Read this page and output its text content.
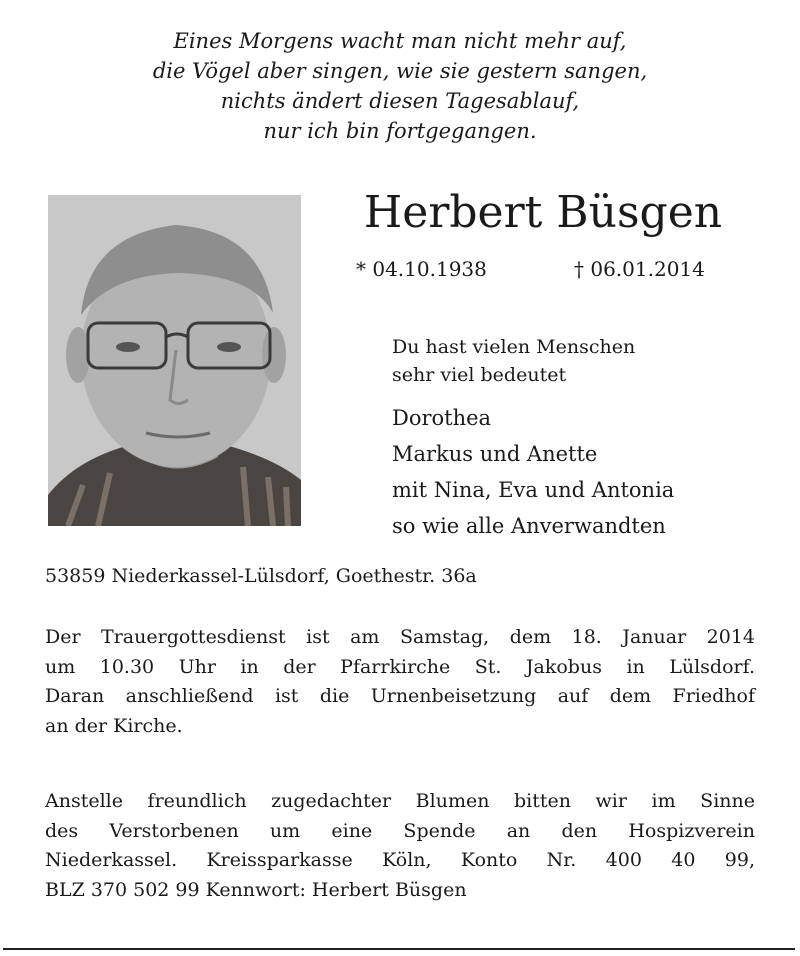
Eines Morgens wacht man nicht mehr auf,
die Vögel aber singen, wie sie gestern sangen,
nichts ändert diesen Tagesablauf,
nur ich bin fortgegangen.
Herbert Büsgen
* 04.10.1938	† 06.01.2014
Du hast vielen Menschen
sehr viel bedeutet
Dorothea
Markus und Anette
mit Nina, Eva und Antonia
so wie alle Anverwandten
53859 Niederkassel-Lülsdorf, Goethestr. 36a
Der Trauergottesdienst ist am Samstag, dem 18. Januar 2014
um 10.30 Uhr in der Pfarrkirche St. Jakobus in Lülsdorf.
Daran anschließend ist die Urnenbeisetzung auf dem Friedhof
an der Kirche.
Anstelle freundlich zugedachter Blumen bitten wir im Sinne
des Verstorbenen um eine Spende an den Hospizverein
Niederkassel. Kreissparkasse Köln, Konto Nr. 400 40 99,
BLZ 370 502 99 Kennwort: Herbert Büsgen
